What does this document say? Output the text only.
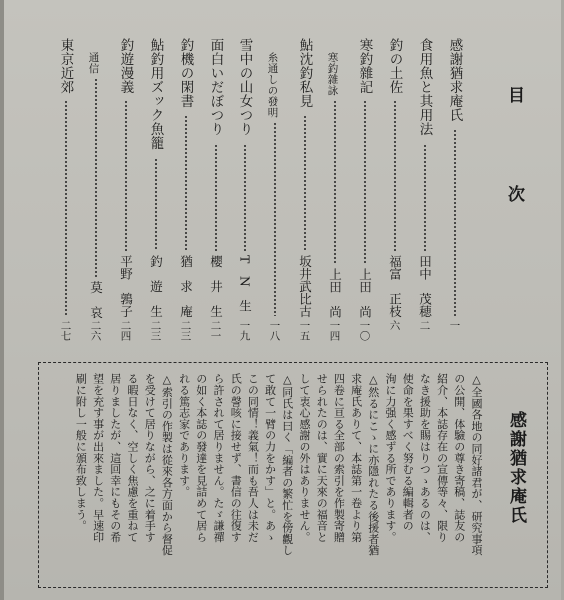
目
次
感謝猶求庵氏
一
食用魚と其用法
田中　茂穂
二
釣の土佐
福富　正枝
六
寒釣雜記
上田　尚
一〇
寒釣雜詠
上田　尚
一四
鮎沈釣私見
坂井武比古
一五
糸通しの發明
一八
雪中の山女つり
T　N　生
一九
面白いだぼつり
櫻　井　生
二一
釣機の閑書
猶　求　庵
二三
鮎釣用ズック魚籠
釣　遊　生
二三
釣遊漫義
平野　鶉子
二四
通信
莫　哀
二六
東京近郊
二七
感謝猶求庵氏
△全國各地の同好諸君が、研究事項
の公開、体驗の尊き寄稿、誌友の
紹介、本誌存在の宣傳等々、限り
なき援助を賜はりつゝあるのは、
使命を果すべく努むる編輯者の
洵に力强く感ずる所であります。
△然るにこゝに亦隱れたる後援者猶
求庵氏ありて、本誌第一卷より第
四卷に亘る全部の索引を作製寄贈
せられたのは、實に天來の福音と
して衷心感謝の外はありません。
△同氏は曰く「編者の繁忙を傍觀し
て敢て一臂の力をかす」と。あゝ
この同情！義氣！而も吾人は未だ
氏の謦咳に接せず、書信の往復す
ら許されて居りません。たゞ謙禪
の如く本誌の發達を見詰めて居ら
れる篤志家であります。
△索引の作製は從來各方面から督促
を受けて居りながら、之に着手す
る暇日なく、空しく焦慮を重ねて
居りましたが、這回幸にもその希
望を充す事が出來ました。早速印
刷に附し一般に頒布致しまう。
